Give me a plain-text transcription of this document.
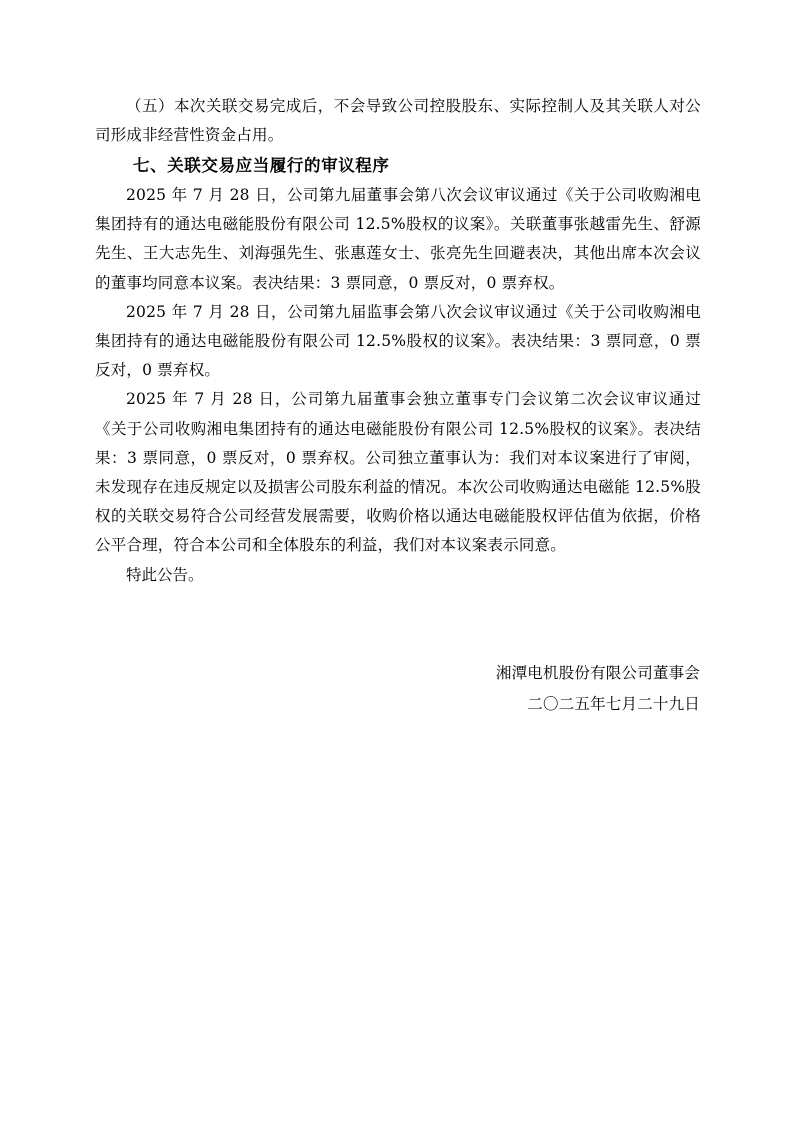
（五）本次关联交易完成后，不会导致公司控股股东、实际控制人及其关联人对公司形成非经营性资金占用。

七、关联交易应当履行的审议程序

2025 年 7 月 28 日，公司第九届董事会第八次会议审议通过《关于公司收购湘电集团持有的通达电磁能股份有限公司 12.5%股权的议案》。关联董事张越雷先生、舒源先生、王大志先生、刘海强先生、张惠莲女士、张亮先生回避表决，其他出席本次会议的董事均同意本议案。表决结果：3 票同意，0 票反对，0 票弃权。

2025 年 7 月 28 日，公司第九届监事会第八次会议审议通过《关于公司收购湘电集团持有的通达电磁能股份有限公司 12.5%股权的议案》。表决结果：3 票同意，0 票反对，0 票弃权。

2025 年 7 月 28 日，公司第九届董事会独立董事专门会议第二次会议审议通过《关于公司收购湘电集团持有的通达电磁能股份有限公司 12.5%股权的议案》。表决结果：3 票同意，0 票反对，0 票弃权。公司独立董事认为：我们对本议案进行了审阅，未发现存在违反规定以及损害公司股东利益的情况。本次公司收购通达电磁能 12.5%股权的关联交易符合公司经营发展需要，收购价格以通达电磁能股权评估值为依据，价格公平合理，符合本公司和全体股东的利益，我们对本议案表示同意。

特此公告。

湘潭电机股份有限公司董事会
二〇二五年七月二十九日
